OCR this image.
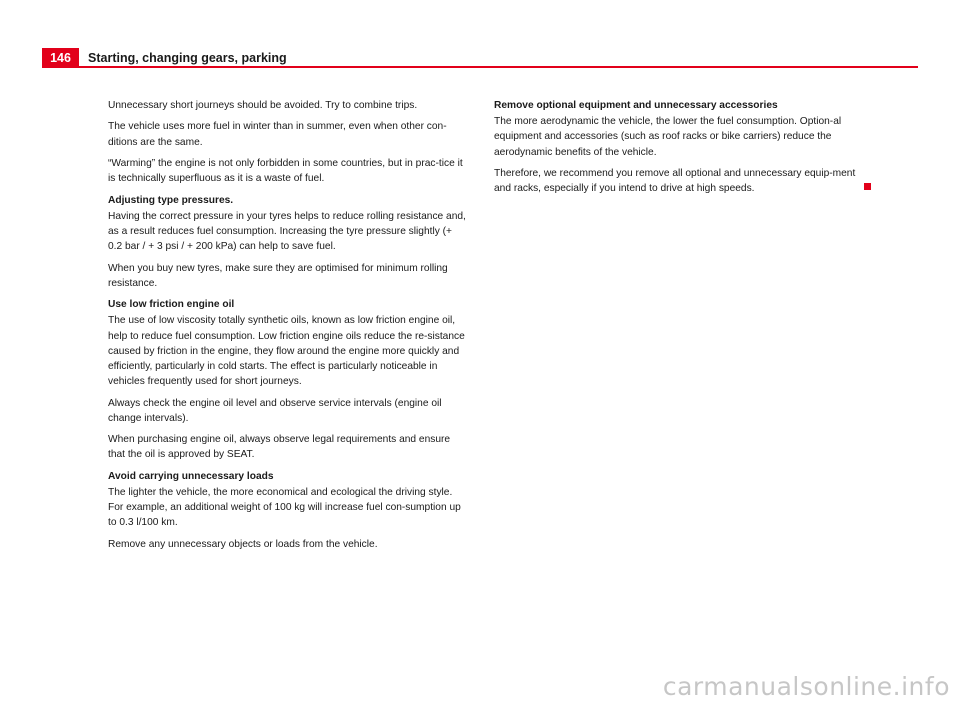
146	Starting, changing gears, parking

Unnecessary short journeys should be avoided. Try to combine trips.

The vehicle uses more fuel in winter than in summer, even when other con-ditions are the same.

“Warming” the engine is not only forbidden in some countries, but in prac-tice it is technically superfluous as it is a waste of fuel.

Adjusting type pressures.

Having the correct pressure in your tyres helps to reduce rolling resistance and, as a result reduces fuel consumption. Increasing the tyre pressure slightly (+ 0.2 bar / + 3 psi / + 200 kPa) can help to save fuel.

When you buy new tyres, make sure they are optimised for minimum rolling resistance.

Use low friction engine oil

The use of low viscosity totally synthetic oils, known as low friction engine oil, help to reduce fuel consumption. Low friction engine oils reduce the re-sistance caused by friction in the engine, they flow around the engine more quickly and efficiently, particularly in cold starts. The effect is particularly noticeable in vehicles frequently used for short journeys.

Always check the engine oil level and observe service intervals (engine oil change intervals).

When purchasing engine oil, always observe legal requirements and ensure that the oil is approved by SEAT.

Avoid carrying unnecessary loads

The lighter the vehicle, the more economical and ecological the driving style. For example, an additional weight of 100 kg will increase fuel con-sumption up to 0.3 l/100 km.

Remove any unnecessary objects or loads from the vehicle.

Remove optional equipment and unnecessary accessories

The more aerodynamic the vehicle, the lower the fuel consumption. Option-al equipment and accessories (such as roof racks or bike carriers) reduce the aerodynamic benefits of the vehicle.

Therefore, we recommend you remove all optional and unnecessary equip-ment and racks, especially if you intend to drive at high speeds.

carmanualsonline.info
